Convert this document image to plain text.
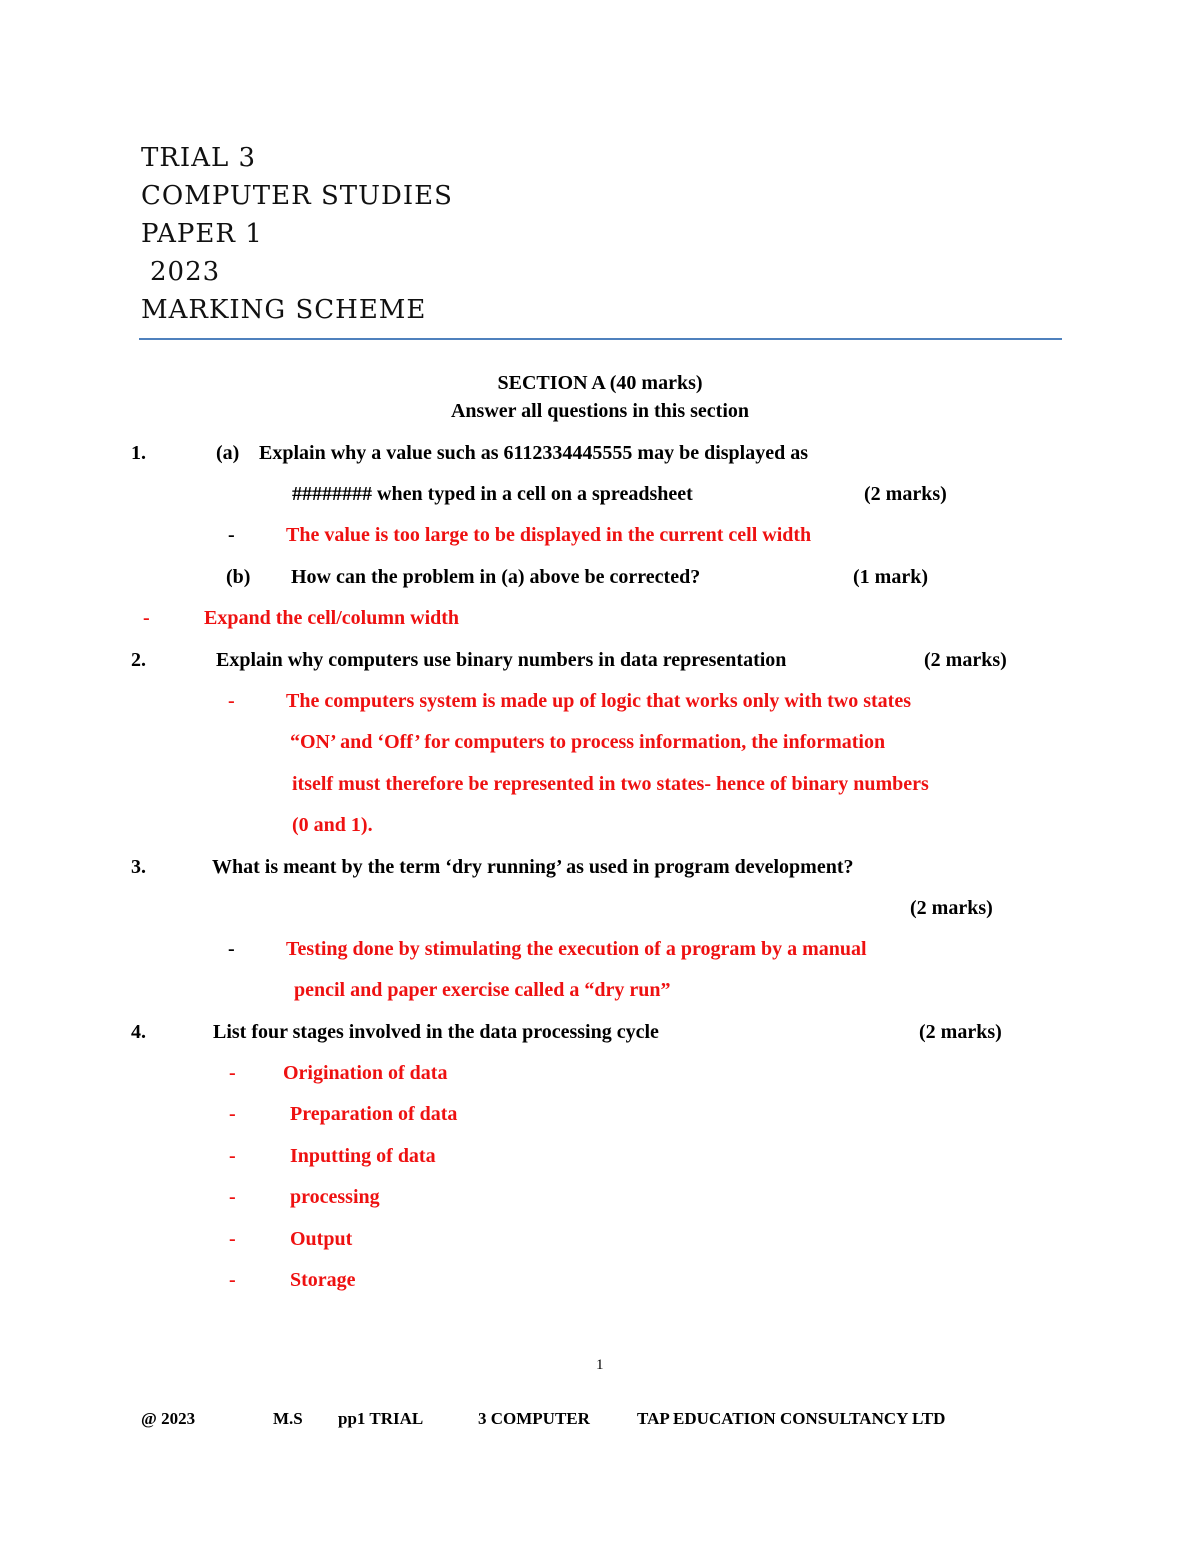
TRIAL 3
COMPUTER STUDIES
PAPER 1
2023
MARKING SCHEME
SECTION A (40 marks)
Answer all questions in this section
1.	(a) Explain why a value such as 6112334445555 may be displayed as
######## when typed in a cell on a spreadsheet	(2 marks)
-	The value is too large to be displayed in the current cell width
(b) How can the problem in (a) above be corrected?	(1 mark)
-	Expand the cell/column width
2.	Explain why computers use binary numbers in data representation	(2 marks)
-	The computers system is made up of logic that works only with two states
“ON’ and ‘Off’ for computers to process information, the information
itself must therefore be represented in two states- hence of binary numbers
(0 and 1).
3.	What is meant by the term ‘dry running’ as used in program development?
(2 marks)
-	Testing done by stimulating the execution of a program by a manual
pencil and paper exercise called a “dry run”
4.	List four stages involved in the data processing cycle	(2 marks)
- Origination of data
-	Preparation of data
-	Inputting of data
-	processing
-	Output
-	Storage
1
@ 2023	M.S pp1 TRIAL	3 COMPUTER	TAP EDUCATION CONSULTANCY LTD
